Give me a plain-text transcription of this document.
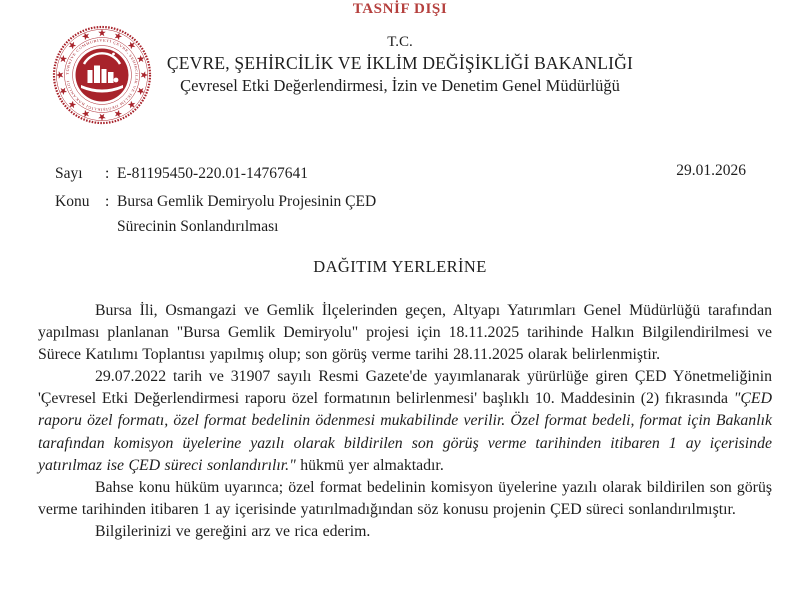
TASNİF DIŞI
TÜRKİYE CUMHURİYETİ ÇEVRE, ŞEHİRCİLİK VE İKLİM DEĞİŞİKLİĞİ BAKANLIĞI
T.C.
ÇEVRE, ŞEHİRCİLİK VE İKLİM DEĞİŞİKLİĞİ BAKANLIĞI
Çevresel Etki Değerlendirmesi, İzin ve Denetim Genel Müdürlüğü
Sayı	: E-81195450-220.01-14767641
Konu	: Bursa Gemlik Demiryolu Projesinin ÇED
Sürecinin Sonlandırılması
29.01.2026
DAĞITIM YERLERİNE

Bursa İli, Osmangazi ve Gemlik İlçelerinden geçen, Altyapı Yatırımları Genel Müdürlüğü tarafından yapılması planlanan "Bursa Gemlik Demiryolu" projesi için 18.11.2025 tarihinde Halkın Bilgilendirilmesi ve Sürece Katılımı Toplantısı yapılmış olup; son görüş verme tarihi 28.11.2025 olarak belirlenmiştir.

29.07.2022 tarih ve 31907 sayılı Resmi Gazete'de yayımlanarak yürürlüğe giren ÇED Yönetmeliğinin 'Çevresel Etki Değerlendirmesi raporu özel formatının belirlenmesi' başlıklı 10. Maddesinin (2) fıkrasında "ÇED raporu özel formatı, özel format bedelinin ödenmesi mukabilinde verilir. Özel format bedeli, format için Bakanlık tarafından komisyon üyelerine yazılı olarak bildirilen son görüş verme tarihinden itibaren 1 ay içerisinde yatırılmaz ise ÇED süreci sonlandırılır." hükmü yer almaktadır.

Bahse konu hüküm uyarınca; özel format bedelinin komisyon üyelerine yazılı olarak bildirilen son görüş verme tarihinden itibaren 1 ay içerisinde yatırılmadığından söz konusu projenin ÇED süreci sonlandırılmıştır.

Bilgilerinizi ve gereğini arz ve rica ederim.
